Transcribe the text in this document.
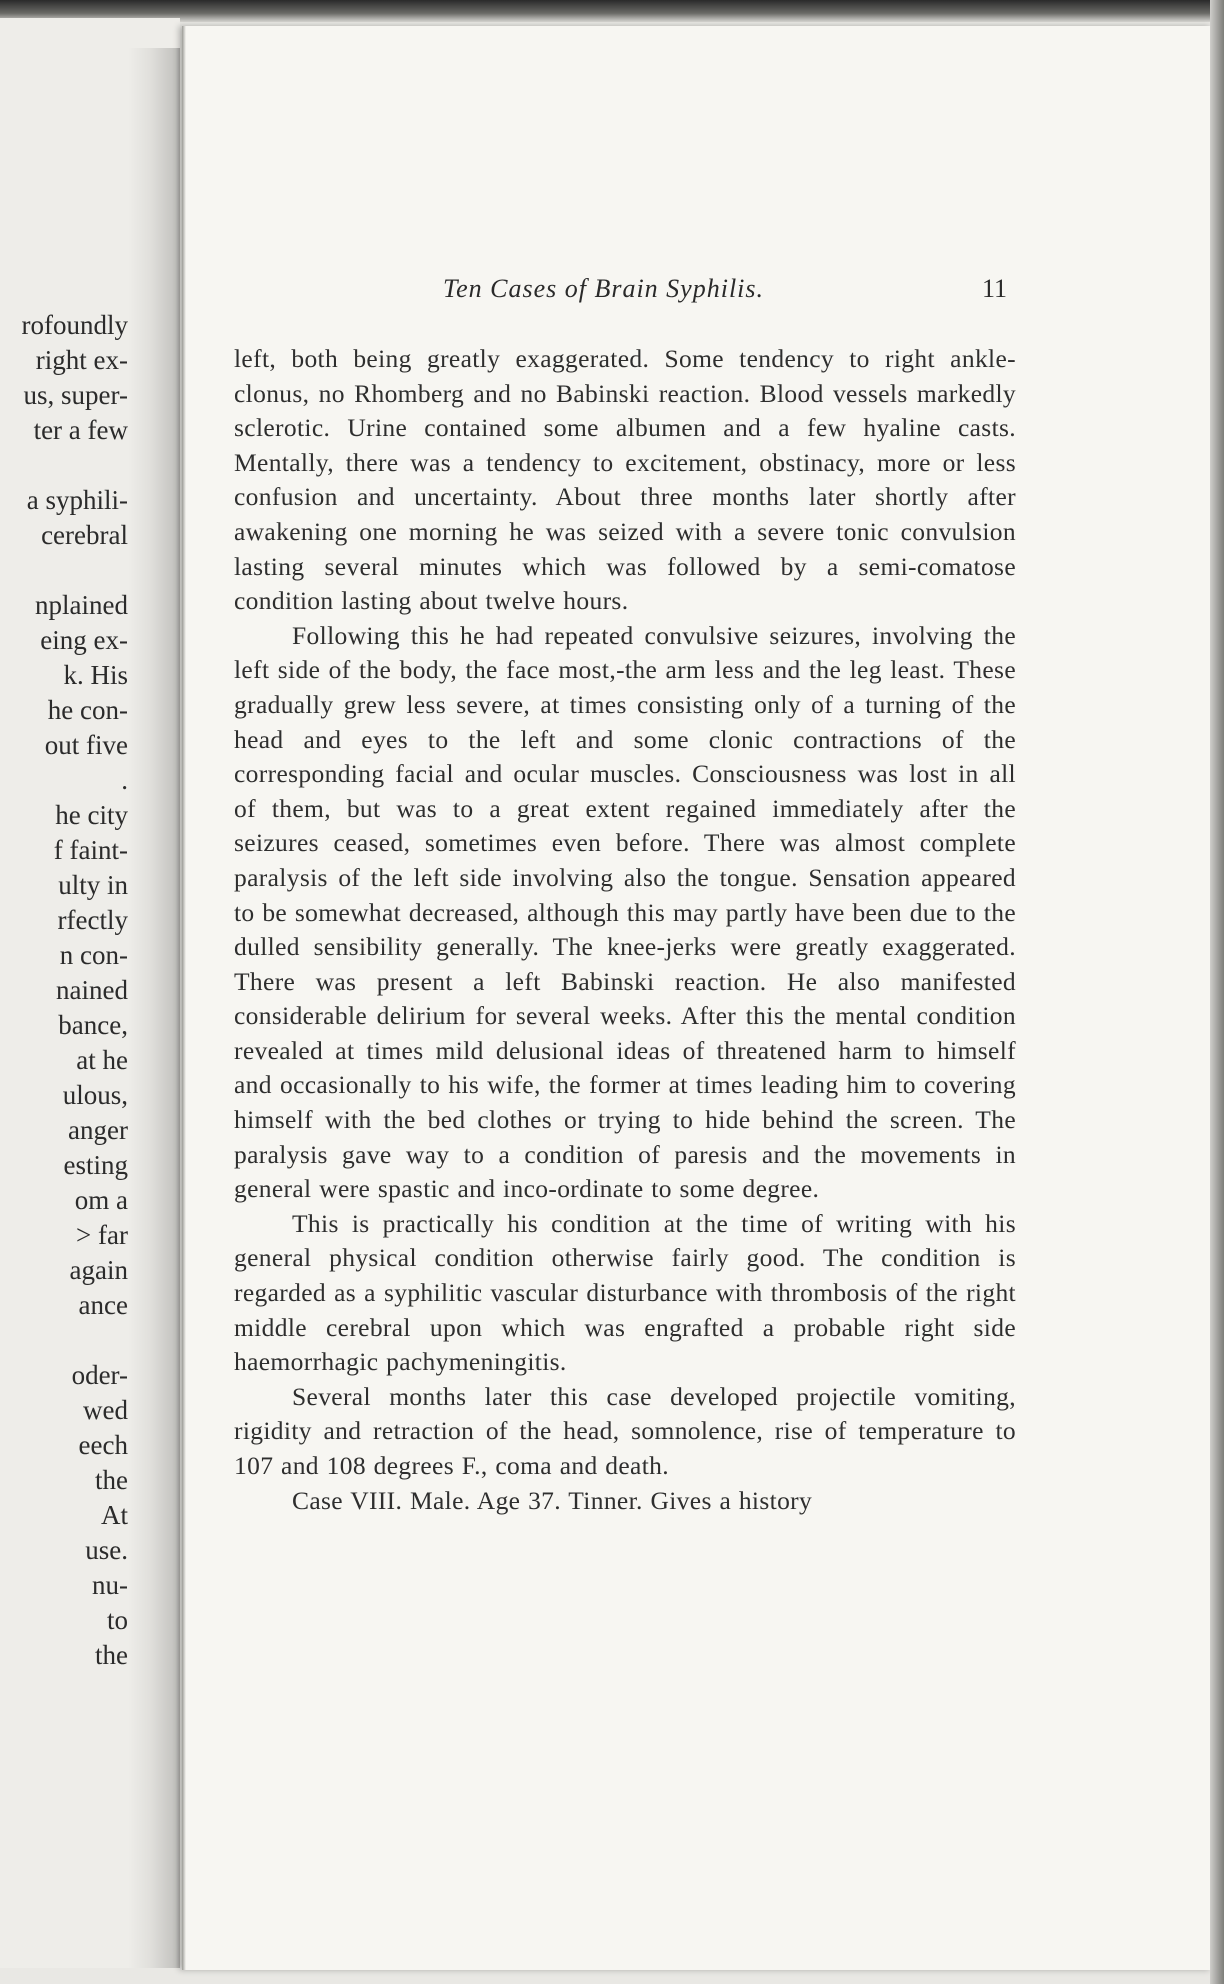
rofoundly
right ex-
us, super-
ter a few
a syphili-
cerebral
nplained
eing ex-
k. His
he con-
out five
.
he city
f faint-
ulty in
rfectly
n con-
nained
bance,
at he
ulous,
anger
esting
om a
> far
again
ance
oder-
wed
eech
the
At
use.
nu-
to
the
Ten Cases of Brain Syphilis.	11

left, both being greatly exaggerated. Some tendency to right ankle-clonus, no Rhomberg and no Babinski reaction. Blood vessels markedly sclerotic. Urine contained some albumen and a few hyaline casts. Mentally, there was a tendency to excitement, obstinacy, more or less confusion and uncertainty. About three months later shortly after awakening one morning he was seized with a severe tonic convulsion lasting several minutes which was followed by a semi-comatose condition lasting about twelve hours.

Following this he had repeated convulsive seizures, involving the left side of the body, the face most,-the arm less and the leg least. These gradually grew less severe, at times consisting only of a turning of the head and eyes to the left and some clonic contractions of the corresponding facial and ocular muscles. Consciousness was lost in all of them, but was to a great extent regained immediately after the seizures ceased, sometimes even before. There was almost complete paralysis of the left side involving also the tongue. Sensation appeared to be somewhat decreased, although this may partly have been due to the dulled sensibility generally. The knee-jerks were greatly exaggerated. There was present a left Babinski reaction. He also manifested considerable delirium for several weeks. After this the mental condition revealed at times mild delusional ideas of threatened harm to himself and occasionally to his wife, the former at times leading him to covering himself with the bed clothes or trying to hide behind the screen. The paralysis gave way to a condition of paresis and the movements in general were spastic and inco-ordinate to some degree.

This is practically his condition at the time of writing with his general physical condition otherwise fairly good. The condition is regarded as a syphilitic vascular disturbance with thrombosis of the right middle cerebral upon which was engrafted a probable right side haemorrhagic pachymeningitis.

Several months later this case developed projectile vomiting, rigidity and retraction of the head, somnolence, rise of temperature to 107 and 108 degrees F., coma and death.

Case VIII. Male. Age 37. Tinner. Gives a history
